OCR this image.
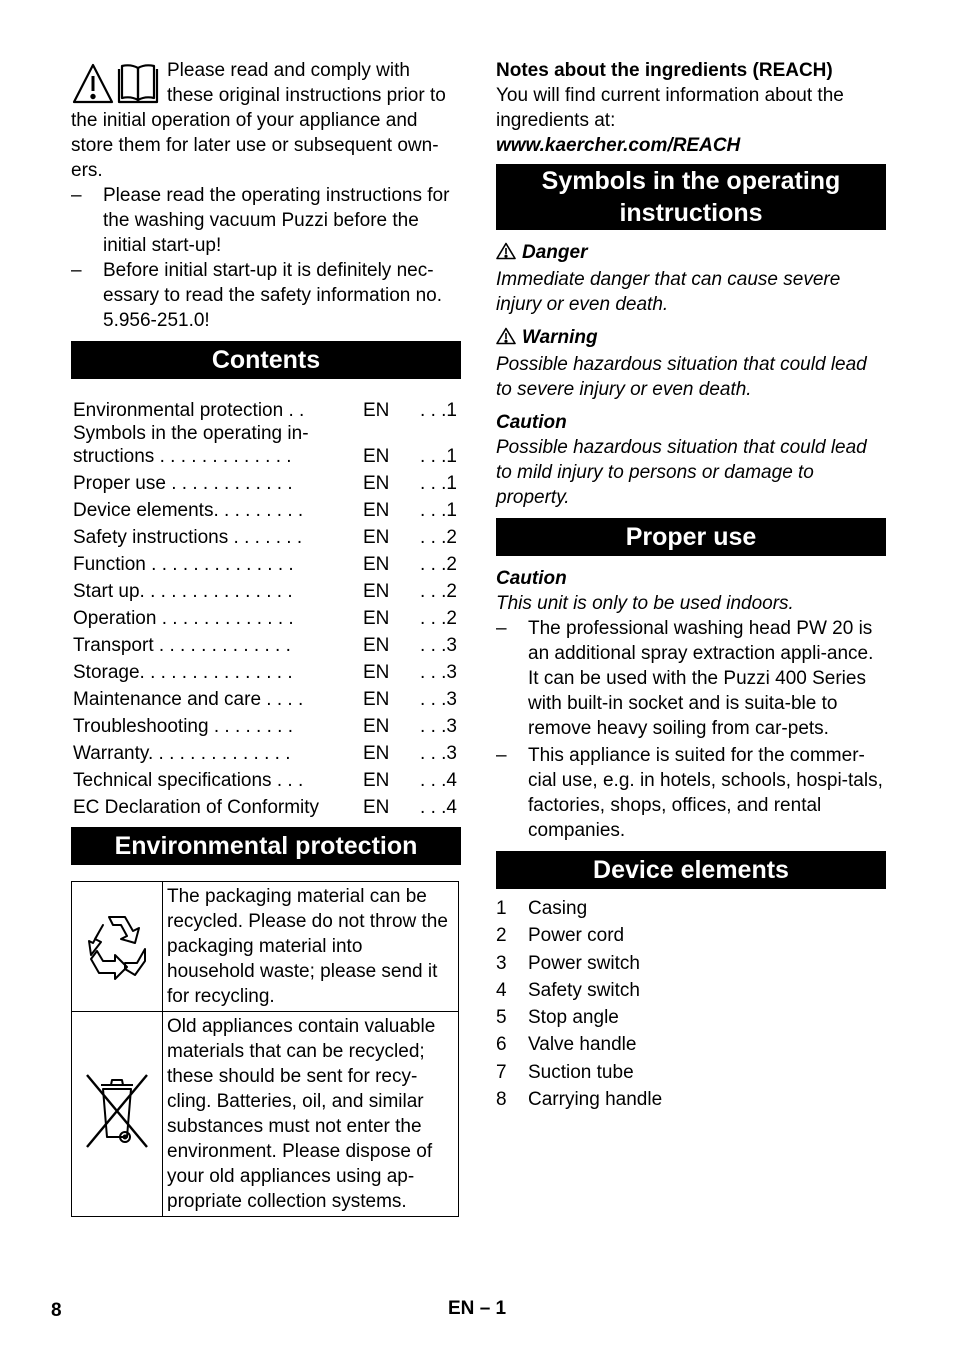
Please read and comply with these original instructions prior to the initial operation of your appliance and store them for later use or subsequent own-ers.
– Please read the operating instructions for the washing vacuum Puzzi before the initial start-up!
– Before initial start-up it is definitely nec-essary to read the safety information no. 5.956-251.0!
Contents
Environmental protection . .	EN	. . .1
Symbols in the operating in-
structions . . . . . . . . . . . . .	EN	. . .1
Proper use . . . . . . . . . . . .	EN	. . .1
Device elements. . . . . . . . .	EN	. . .1
Safety instructions . . . . . . .	EN	. . .2
Function . . . . . . . . . . . . . .	EN	. . .2
Start up. . . . . . . . . . . . . . .	EN	. . .2
Operation . . . . . . . . . . . . .	EN	. . .2
Transport . . . . . . . . . . . . .	EN	. . .3
Storage. . . . . . . . . . . . . . .	EN	. . .3
Maintenance and care . . . .	EN	. . .3
Troubleshooting . . . . . . . .	EN	. . .3
Warranty. . . . . . . . . . . . . .	EN	. . .3
Technical specifications . . .	EN	. . .4
EC Declaration of Conformity	EN	. . .4
Environmental protection
	The packaging material can be recycled. Please do not throw the packaging material into household waste; please send it for recycling.
	Old appliances contain valuable materials that can be recycled; these should be sent for recy-cling. Batteries, oil, and similar substances must not enter the environment. Please dispose of your old appliances using ap-propriate collection systems.
Notes about the ingredients (REACH)
You will find current information about the ingredients at:
www.kaercher.com/REACH
Symbols in the operating instructions
Danger
Immediate danger that can cause severe injury or even death.
Warning
Possible hazardous situation that could lead to severe injury or even death.
Caution
Possible hazardous situation that could lead to mild injury to persons or damage to property.
Proper use
Caution
This unit is only to be used indoors.
– The professional washing head PW 20 is an additional spray extraction appli-ance. It can be used with the Puzzi 400 Series with built-in socket and is suita-ble to remove heavy soiling from car-pets.
– This appliance is suited for the commer-cial use, e.g. in hotels, schools, hospi-tals, factories, shops, offices, and rental companies.
Device elements
1 Casing
2 Power cord
3 Power switch
4 Safety switch
5 Stop angle
6 Valve handle
7 Suction tube
8 Carrying handle
8	EN – 1
